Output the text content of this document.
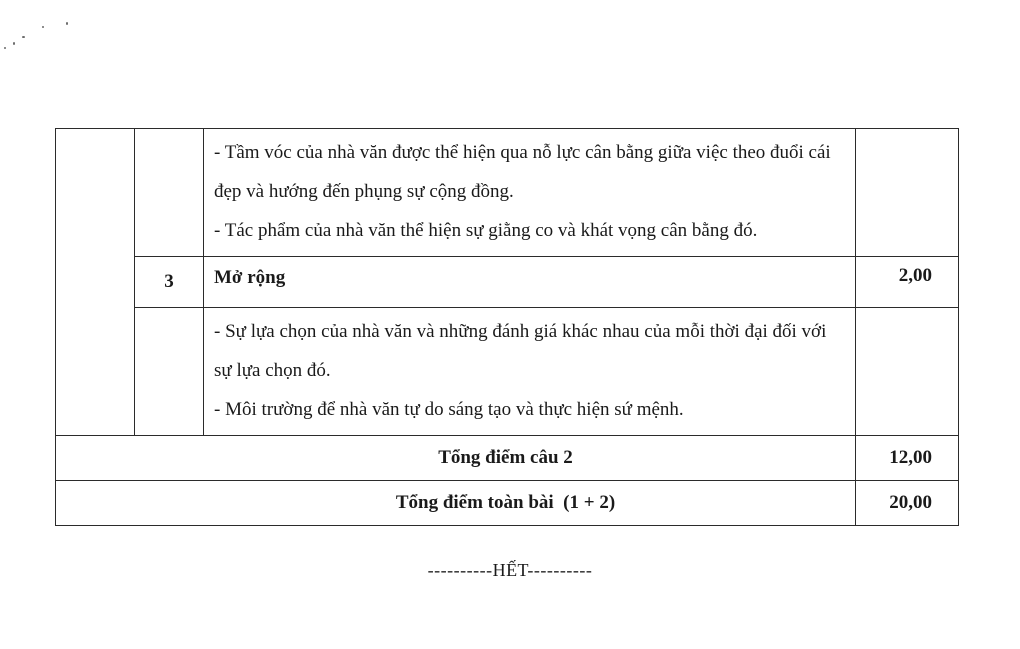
		- Tầm vóc của nhà văn được thể hiện qua nỗ lực cân bằng giữa việc theo đuổi cái đẹp và hướng đến phụng sự cộng đồng.

- Tác phẩm của nhà văn thể hiện sự giằng co và khát vọng cân bằng đó.	

	3	Mở rộng	2,00

		- Sự lựa chọn của nhà văn và những đánh giá khác nhau của mỗi thời đại đối với sự lựa chọn đó.

- Môi trường để nhà văn tự do sáng tạo và thực hiện sứ mệnh.	

Tổng điểm câu 2			12,00
Tổng điểm toàn bài  (1 + 2)			20,00
----------HẾT----------
